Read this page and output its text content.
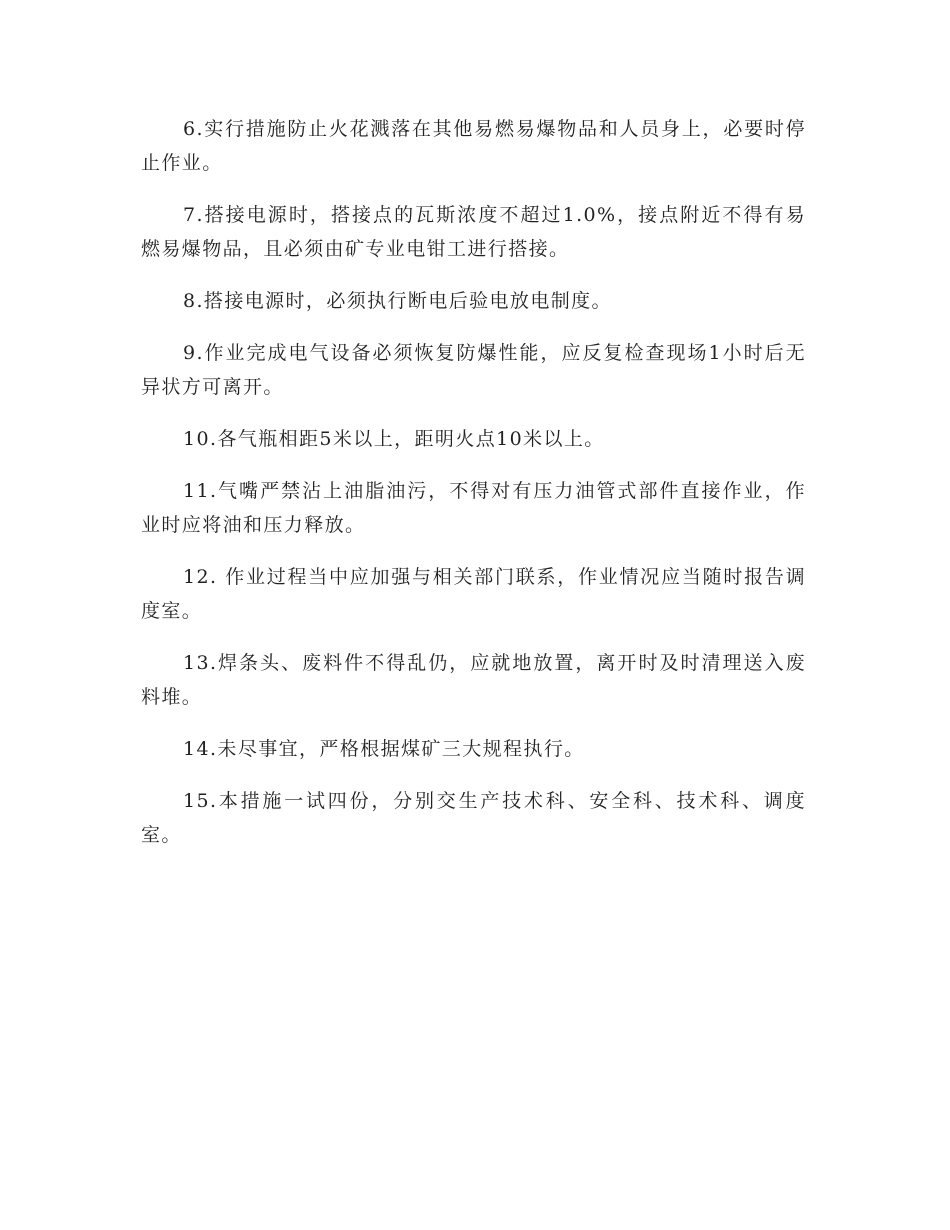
6.实行措施防止火花溅落在其他易燃易爆物品和人员身上，必要时停止作业。

7.搭接电源时，搭接点的瓦斯浓度不超过1.0%，接点附近不得有易燃易爆物品，且必须由矿专业电钳工进行搭接。

8.搭接电源时，必须执行断电后验电放电制度。

9.作业完成电气设备必须恢复防爆性能，应反复检查现场1小时后无异状方可离开。

10.各气瓶相距5米以上，距明火点10米以上。

11.气嘴严禁沾上油脂油污，不得对有压力油管式部件直接作业，作业时应将油和压力释放。

12. 作业过程当中应加强与相关部门联系，作业情况应当随时报告调度室。

13.焊条头、废料件不得乱仍，应就地放置，离开时及时清理送入废料堆。

14.未尽事宜，严格根据煤矿三大规程执行。

15.本措施一试四份，分别交生产技术科、安全科、技术科、调度室。
